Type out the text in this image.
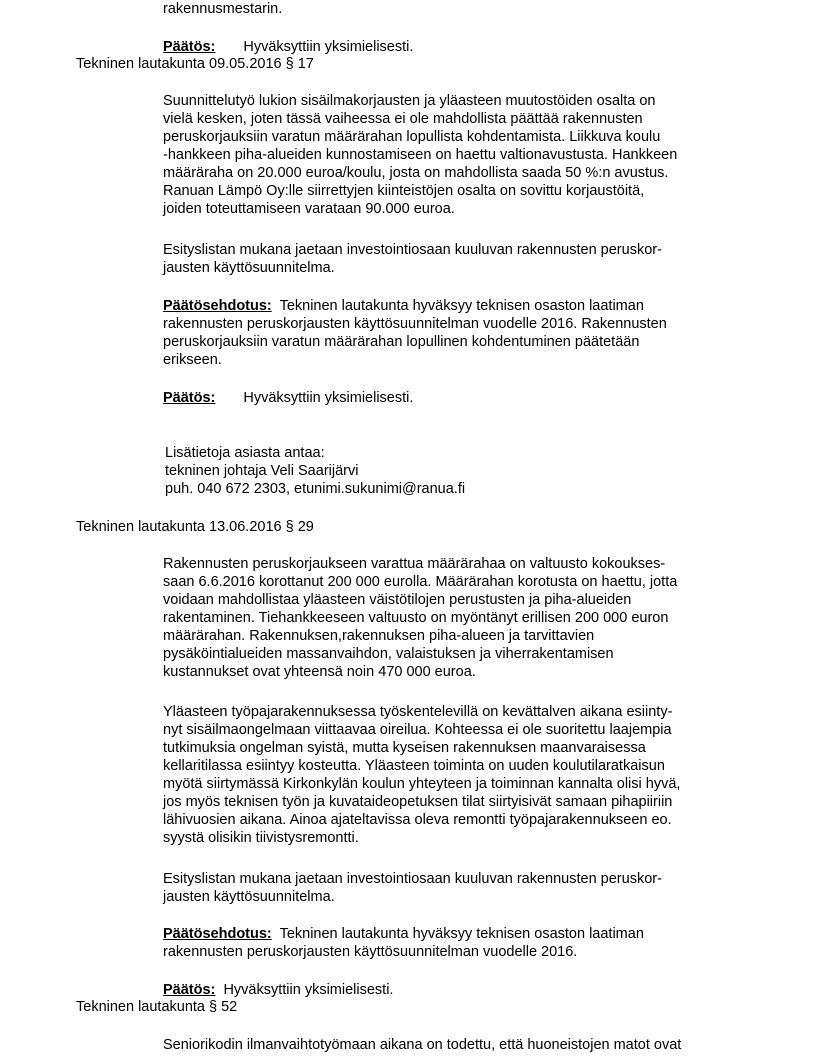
rakennusmestarin.
Päätös: Hyväksyttiin yksimielisesti.
Tekninen lautakunta 09.05.2016 § 17
Suunnittelutyö lukion sisäilmakorjausten ja yläasteen muutostöiden osalta on
vielä kesken, joten tässä vaiheessa ei ole mahdollista päättää rakennusten
peruskorjauksiin varatun määrärahan lopullista kohdentamista. Liikkuva koulu
-hankkeen piha-alueiden kunnostamiseen on haettu valtionavustusta. Hankkeen
määräraha on 20.000 euroa/koulu, josta on mahdollista saada 50 %:n avustus.
Ranuan Lämpö Oy:lle siirrettyjen kiinteistöjen osalta on sovittu korjaustöitä,
joiden toteuttamiseen varataan 90.000 euroa.
Esityslistan mukana jaetaan investointiosaan kuuluvan rakennusten peruskor-
jausten käyttösuunnitelma.
Päätösehdotus: Tekninen lautakunta hyväksyy teknisen osaston laatiman
rakennusten peruskorjausten käyttösuunnitelman vuodelle 2016. Rakennusten
peruskorjauksiin varatun määrärahan lopullinen kohdentuminen päätetään
erikseen.
Päätös: Hyväksyttiin yksimielisesti.
Lisätietoja asiasta antaa:
tekninen johtaja Veli Saarijärvi
puh. 040 672 2303, etunimi.sukunimi@ranua.fi
Tekninen lautakunta 13.06.2016 § 29
Rakennusten peruskorjaukseen varattua määrärahaa on valtuusto kokoukses-
saan 6.6.2016 korottanut 200 000 eurolla. Määrärahan korotusta on haettu, jotta
voidaan mahdollistaa yläasteen väistötilojen perustusten ja piha-alueiden
rakentaminen. Tiehankkeeseen valtuusto on myöntänyt erillisen 200 000 euron
määrärahan. Rakennuksen,rakennuksen piha-alueen ja tarvittavien
pysäköintialueiden massanvaihdon, valaistuksen ja viherrakentamisen
kustannukset ovat yhteensä noin 470 000 euroa.
Yläasteen työpajarakennuksessa työskentelevillä on kevättalven aikana esiinty-
nyt sisäilmaongelmaan viittaavaa oireilua. Kohteessa ei ole suoritettu laajempia
tutkimuksia ongelman syistä, mutta kyseisen rakennuksen maanvaraisessa
kellaritilassa esiintyy kosteutta. Yläasteen toiminta on uuden koulutilaratkaisun
myötä siirtymässä Kirkonkylän koulun yhteyteen ja toiminnan kannalta olisi hyvä,
jos myös teknisen työn ja kuvataideopetuksen tilat siirtyisivät samaan pihapiiriin
lähivuosien aikana. Ainoa ajateltavissa oleva remontti työpajarakennukseen eo.
syystä olisikin tiivistysremontti.
Esityslistan mukana jaetaan investointiosaan kuuluvan rakennusten peruskor-
jausten käyttösuunnitelma.
Päätösehdotus: Tekninen lautakunta hyväksyy teknisen osaston laatiman
rakennusten peruskorjausten käyttösuunnitelman vuodelle 2016.
Päätös: Hyväksyttiin yksimielisesti.
Tekninen lautakunta § 52
Seniorikodin ilmanvaihtotyömaan aikana on todettu, että huoneistojen matot ovat
